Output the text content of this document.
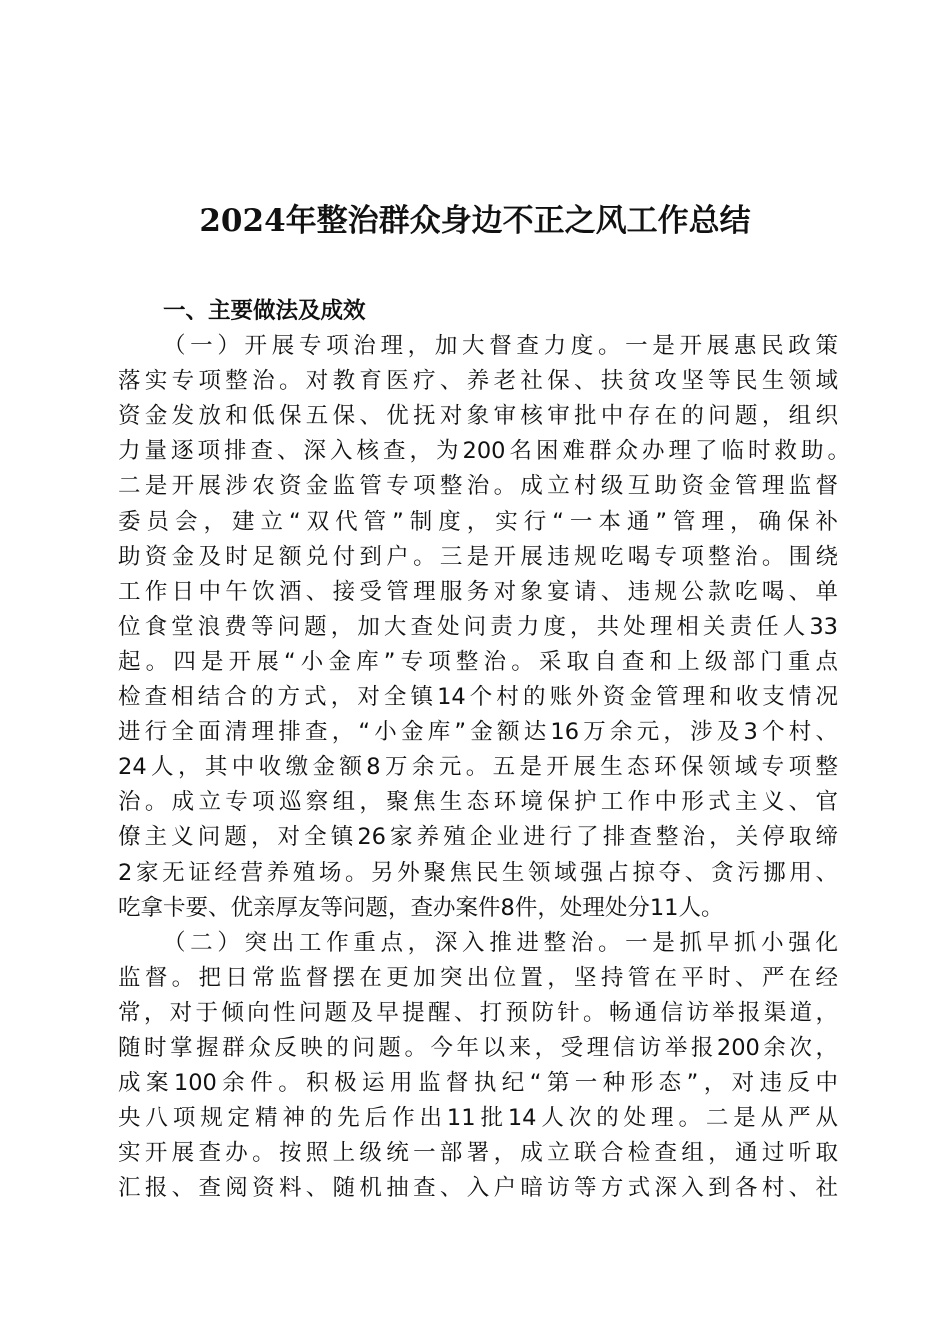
2024年整治群众身边不正之风工作总结
一、主要做法及成效
（一）开展专项治理，加大督查力度。一是开展惠民政策
落实专项整治。对教育医疗、养老社保、扶贫攻坚等民生领域
资金发放和低保五保、优抚对象审核审批中存在的问题，组织
力量逐项排查、深入核查，为200名困难群众办理了临时救助。
二是开展涉农资金监管专项整治。成立村级互助资金管理监督
委员会，建立“双代管”制度，实行“一本通”管理，确保补
助资金及时足额兑付到户。三是开展违规吃喝专项整治。围绕
工作日中午饮酒、接受管理服务对象宴请、违规公款吃喝、单
位食堂浪费等问题，加大查处问责力度，共处理相关责任人33
起。四是开展“小金库”专项整治。采取自查和上级部门重点
检查相结合的方式，对全镇14个村的账外资金管理和收支情况
进行全面清理排查，“小金库”金额达16万余元，涉及3个村、
24人，其中收缴金额8万余元。五是开展生态环保领域专项整
治。成立专项巡察组，聚焦生态环境保护工作中形式主义、官
僚主义问题，对全镇26家养殖企业进行了排查整治，关停取缔
2家无证经营养殖场。另外聚焦民生领域强占掠夺、贪污挪用、
吃拿卡要、优亲厚友等问题，查办案件8件，处理处分11人。
（二）突出工作重点，深入推进整治。一是抓早抓小强化
监督。把日常监督摆在更加突出位置，坚持管在平时、严在经
常，对于倾向性问题及早提醒、打预防针。畅通信访举报渠道，
随时掌握群众反映的问题。今年以来，受理信访举报200余次，
成案100余件。积极运用监督执纪“第一种形态”，对违反中
央八项规定精神的先后作出11批14人次的处理。二是从严从
实开展查办。按照上级统一部署，成立联合检查组，通过听取
汇报、查阅资料、随机抽查、入户暗访等方式深入到各村、社
